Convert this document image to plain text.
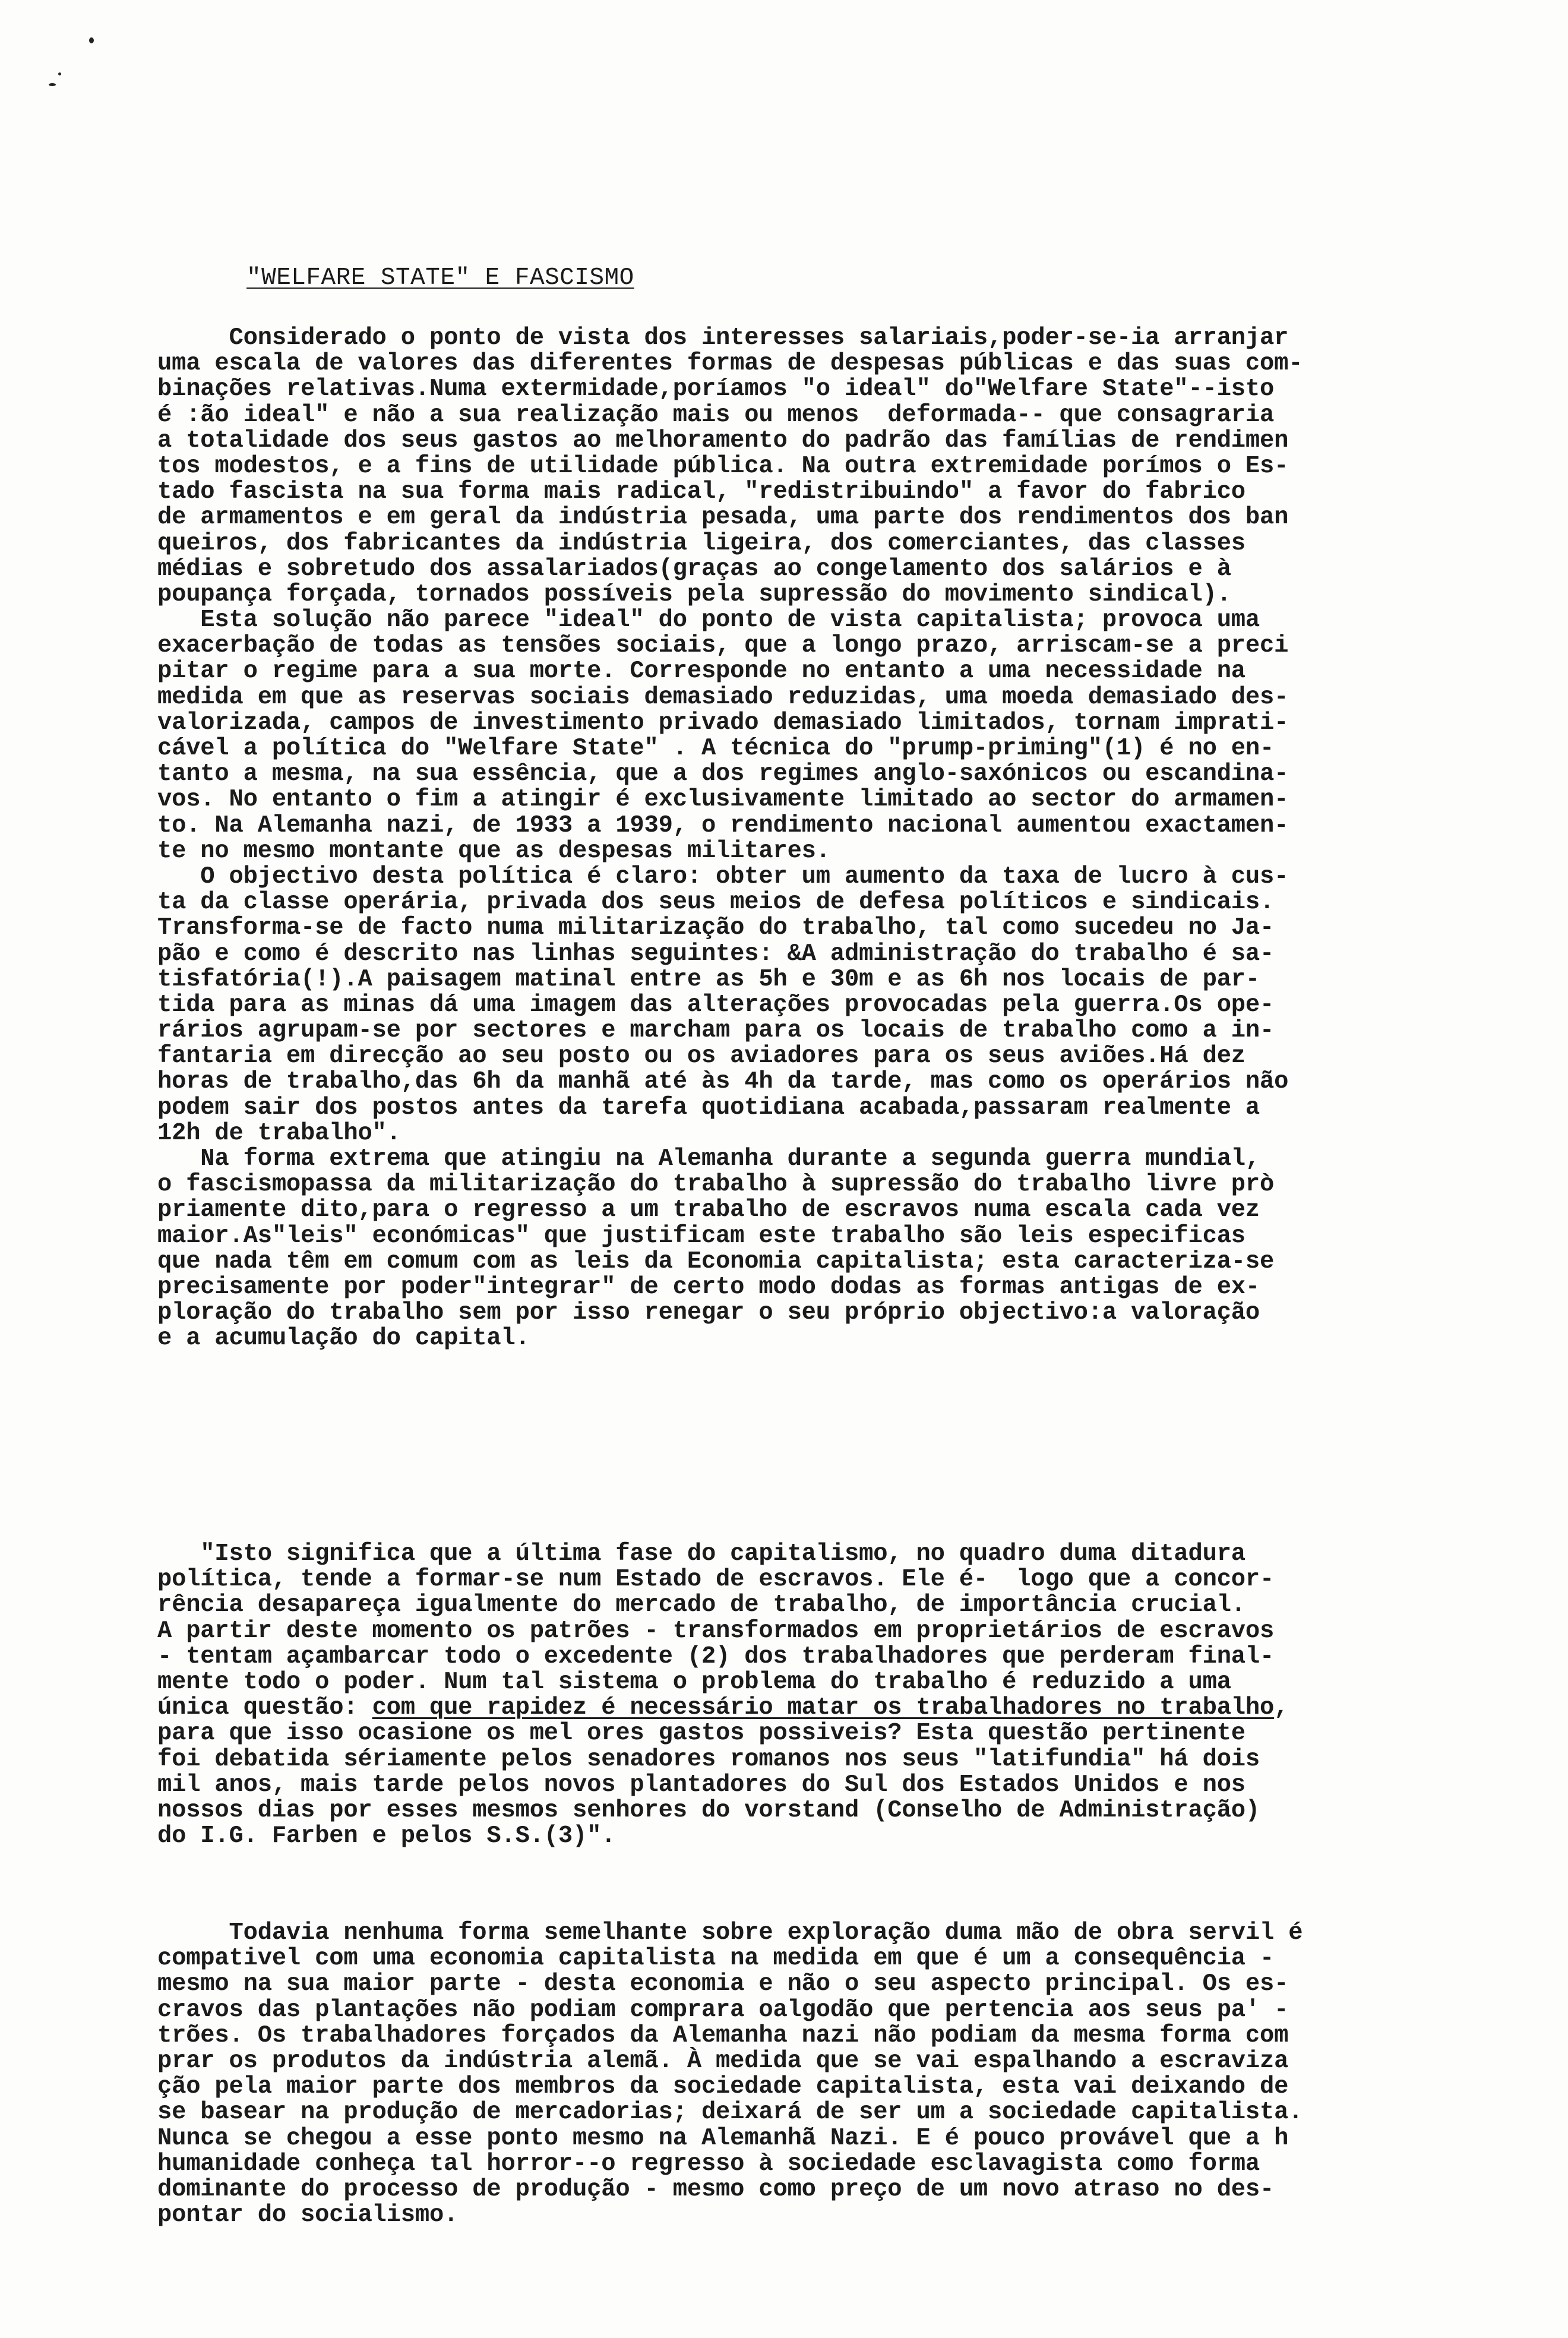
"WELFARE STATE" E FASCISMO
Considerado o ponto de vista dos interesses salariais,poder-se-ia arranjar
uma escala de valores das diferentes formas de despesas públicas e das suas com-
binações relativas.Numa extermidade,poríamos "o ideal" do"Welfare State"--isto
é :ão ideal" e não a sua realização mais ou menos  deformada-- que consagraria
a totalidade dos seus gastos ao melhoramento do padrão das famílias de rendimen
tos modestos, e a fins de utilidade pública. Na outra extremidade porímos o Es-
tado fascista na sua forma mais radical, "redistribuindo" a favor do fabrico
de armamentos e em geral da indústria pesada, uma parte dos rendimentos dos ban
queiros, dos fabricantes da indústria ligeira, dos comerciantes, das classes
médias e sobretudo dos assalariados(graças ao congelamento dos salários e à
poupança forçada, tornados possíveis pela supressão do movimento sindical).
Esta solução não parece "ideal" do ponto de vista capitalista; provoca uma
exacerbação de todas as tensões sociais, que a longo prazo, arriscam-se a preci
pitar o regime para a sua morte. Corresponde no entanto a uma necessidade na
medida em que as reservas sociais demasiado reduzidas, uma moeda demasiado des-
valorizada, campos de investimento privado demasiado limitados, tornam imprati-
cável a política do "Welfare State" . A técnica do "prump-priming"(1) é no en-
tanto a mesma, na sua essência, que a dos regimes anglo-saxónicos ou escandina-
vos. No entanto o fim a atingir é exclusivamente limitado ao sector do armamen-
to. Na Alemanha nazi, de 1933 a 1939, o rendimento nacional aumentou exactamen-
te no mesmo montante que as despesas militares.
O objectivo desta política é claro: obter um aumento da taxa de lucro à cus-
ta da classe operária, privada dos seus meios de defesa políticos e sindicais.
Transforma-se de facto numa militarização do trabalho, tal como sucedeu no Ja-
pão e como é descrito nas linhas seguintes: &A administração do trabalho é sa-
tisfatória(!).A paisagem matinal entre as 5h e 30m e as 6h nos locais de par-
tida para as minas dá uma imagem das alterações provocadas pela guerra.Os ope-
rários agrupam-se por sectores e marcham para os locais de trabalho como a in-
fantaria em direcção ao seu posto ou os aviadores para os seus aviões.Há dez
horas de trabalho,das 6h da manhã até às 4h da tarde, mas como os operários não
podem sair dos postos antes da tarefa quotidiana acabada,passaram realmente a
12h de trabalho".
Na forma extrema que atingiu na Alemanha durante a segunda guerra mundial,
o fascismopassa da militarização do trabalho à supressão do trabalho livre prò
priamente dito,para o regresso a um trabalho de escravos numa escala cada vez
maior.As"leis" económicas" que justificam este trabalho são leis especificas
que nada têm em comum com as leis da Economia capitalista; esta caracteriza-se
precisamente por poder"integrar" de certo modo dodas as formas antigas de ex-
ploração do trabalho sem por isso renegar o seu próprio objectivo:a valoração
e a acumulação do capital.
"Isto significa que a última fase do capitalismo, no quadro duma ditadura
política, tende a formar-se num Estado de escravos. Ele é-  logo que a concor-
rência desapareça igualmente do mercado de trabalho, de importância crucial.
A partir deste momento os patrões - transformados em proprietários de escravos
- tentam açambarcar todo o excedente (2) dos trabalhadores que perderam final-
mente todo o poder. Num tal sistema o problema do trabalho é reduzido a uma
única questão: com que rapidez é necessário matar os trabalhadores no trabalho,
para que isso ocasione os mel ores gastos possiveis? Esta questão pertinente
foi debatida sériamente pelos senadores romanos nos seus "latifundia" há dois
mil anos, mais tarde pelos novos plantadores do Sul dos Estados Unidos e nos
nossos dias por esses mesmos senhores do vorstand (Conselho de Administração)
do I.G. Farben e pelos S.S.(3)".
Todavia nenhuma forma semelhante sobre exploração duma mão de obra servil é
compativel com uma economia capitalista na medida em que é um a consequência -
mesmo na sua maior parte - desta economia e não o seu aspecto principal. Os es-
cravos das plantações não podiam comprara oalgodão que pertencia aos seus pa' -
trões. Os trabalhadores forçados da Alemanha nazi não podiam da mesma forma com
prar os produtos da indústria alemã. À medida que se vai espalhando a escraviza
ção pela maior parte dos membros da sociedade capitalista, esta vai deixando de
se basear na produção de mercadorias; deixará de ser um a sociedade capitalista.
Nunca se chegou a esse ponto mesmo na Alemanhã Nazi. E é pouco provável que a h
humanidade conheça tal horror--o regresso à sociedade esclavagista como forma
dominante do processo de produção - mesmo como preço de um novo atraso no des-
pontar do socialismo.
